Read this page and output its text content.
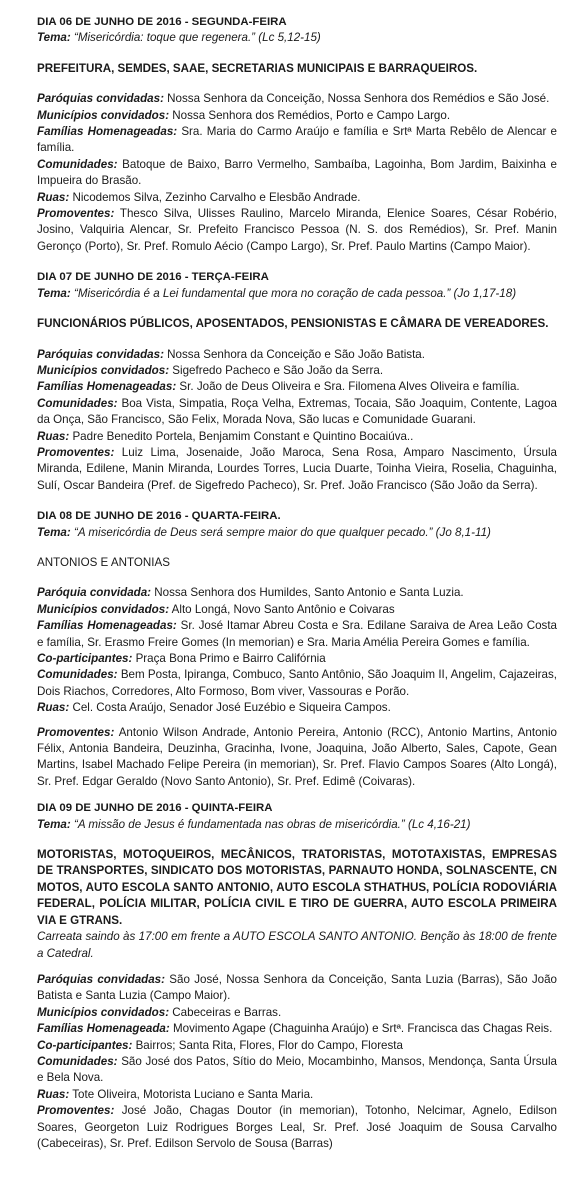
DIA 06 DE JUNHO DE 2016 - SEGUNDA-FEIRA

Tema: “Misericórdia: toque que regenera.” (Lc 5,12-15)

PREFEITURA, SEMDES, SAAE, SECRETARIAS MUNICIPAIS E BARRAQUEIROS.

Paróquias convidadas: Nossa Senhora da Conceição, Nossa Senhora dos Remédios e São José.

Municípios convidados: Nossa Senhora dos Remédios, Porto e Campo Largo.

Famílias Homenageadas: Sra. Maria do Carmo Araújo e família e Srtª Marta Rebêlo de Alencar e família.

Comunidades: Batoque de Baixo, Barro Vermelho, Sambaíba, Lagoinha, Bom Jardim, Baixinha e Impueira do Brasão.

Ruas: Nicodemos Silva, Zezinho Carvalho e Elesbão Andrade.

Promoventes: Thesco Silva, Ulisses Raulino, Marcelo Miranda, Elenice Soares, César Robério, Josino, Valquiria Alencar, Sr. Prefeito Francisco Pessoa (N. S. dos Remédios), Sr. Pref. Manin Geronço (Porto), Sr. Pref. Romulo Aécio (Campo Largo), Sr. Pref. Paulo Martins (Campo Maior).

DIA 07 DE JUNHO DE 2016 - TERÇA-FEIRA

Tema: “Misericórdia é a Lei fundamental que mora no coração de cada pessoa.” (Jo 1,17-18)

FUNCIONÁRIOS PÚBLICOS, APOSENTADOS, PENSIONISTAS E CÂMARA DE VEREADORES.

Paróquias convidadas: Nossa Senhora da Conceição e São João Batista.

Municípios convidados: Sigefredo Pacheco e São João da Serra.

Famílias Homenageadas: Sr. João de Deus Oliveira e Sra. Filomena Alves Oliveira e família.

Comunidades: Boa Vista, Simpatia, Roça Velha, Extremas, Tocaia, São Joaquim, Contente, Lagoa da Onça, São Francisco, São Felix, Morada Nova, São lucas e Comunidade Guarani.

Ruas: Padre Benedito Portela, Benjamim Constant e Quintino Bocaiúva..

Promoventes: Luiz Lima, Josenaide, João Maroca, Sena Rosa, Amparo Nascimento, Úrsula Miranda, Edilene, Manin Miranda, Lourdes Torres, Lucia Duarte, Toinha Vieira, Roselia, Chaguinha, Sulí, Oscar Bandeira (Pref. de Sigefredo Pacheco), Sr. Pref. João Francisco (São João da Serra).

DIA 08 DE JUNHO DE 2016 - QUARTA-FEIRA.

Tema: “A misericórdia de Deus será sempre maior do que qualquer pecado.” (Jo 8,1-11)

ANTONIOS E ANTONIAS

Paróquia convidada: Nossa Senhora dos Humildes, Santo Antonio e Santa Luzia.

Municípios convidados: Alto Longá, Novo Santo Antônio e Coivaras

Famílias Homenageadas: Sr. José Itamar Abreu Costa e Sra. Edilane Saraiva de Area Leão Costa e família, Sr. Erasmo Freire Gomes (In memorian) e Sra. Maria Amélia Pereira Gomes e família.

Co-participantes: Praça Bona Primo e Bairro Califórnia

Comunidades: Bem Posta, Ipiranga, Combuco, Santo Antônio, São Joaquim II, Angelim, Cajazeiras, Dois Riachos, Corredores, Alto Formoso, Bom viver, Vassouras e Porão.

Ruas: Cel. Costa Araújo, Senador José Euzébio e Siqueira Campos.

Promoventes: Antonio Wilson Andrade, Antonio Pereira, Antonio (RCC), Antonio Martins, Antonio Félix, Antonia Bandeira, Deuzinha, Gracinha, Ivone, Joaquina, João Alberto, Sales, Capote, Gean Martins, Isabel Machado Felipe Pereira (in memorian), Sr. Pref. Flavio Campos Soares (Alto Longá), Sr. Pref. Edgar Geraldo (Novo Santo Antonio), Sr. Pref. Edimê (Coivaras).

DIA 09 DE JUNHO DE 2016 - QUINTA-FEIRA

Tema: “A missão de Jesus é fundamentada nas obras de misericórdia.” (Lc 4,16-21)

MOTORISTAS, MOTOQUEIROS, MECÂNICOS, TRATORISTAS, MOTOTAXISTAS, EMPRESAS DE TRANSPORTES, SINDICATO DOS MOTORISTAS, PARNAUTO HONDA, SOLNASCENTE, CN MOTOS, AUTO ESCOLA SANTO ANTONIO, AUTO ESCOLA STHATHUS, POLÍCIA RODOVIÁRIA FEDERAL, POLÍCIA MILITAR, POLÍCIA CIVIL E TIRO DE GUERRA, AUTO ESCOLA PRIMEIRA VIA E GTRANS.

Carreata saindo às 17:00 em frente a AUTO ESCOLA SANTO ANTONIO. Benção às 18:00 de frente a Catedral.

Paróquias convidadas: São José, Nossa Senhora da Conceição, Santa Luzia (Barras), São João Batista e Santa Luzia (Campo Maior).

Municípios convidados: Cabeceiras e Barras.

Famílias Homenageada: Movimento Agape (Chaguinha Araújo) e Srtª. Francisca das Chagas Reis.

Co-participantes: Bairros; Santa Rita, Flores, Flor do Campo, Floresta

Comunidades: São José dos Patos, Sítio do Meio, Mocambinho, Mansos, Mendonça, Santa Úrsula e Bela Nova.

Ruas: Tote Oliveira, Motorista Luciano e Santa Maria.

Promoventes: José João, Chagas Doutor (in memorian), Totonho, Nelcimar, Agnelo, Edilson Soares, Georgeton Luiz Rodrigues Borges Leal, Sr. Pref. José Joaquim de Sousa Carvalho (Cabeceiras), Sr. Pref. Edilson Servolo de Sousa (Barras)
